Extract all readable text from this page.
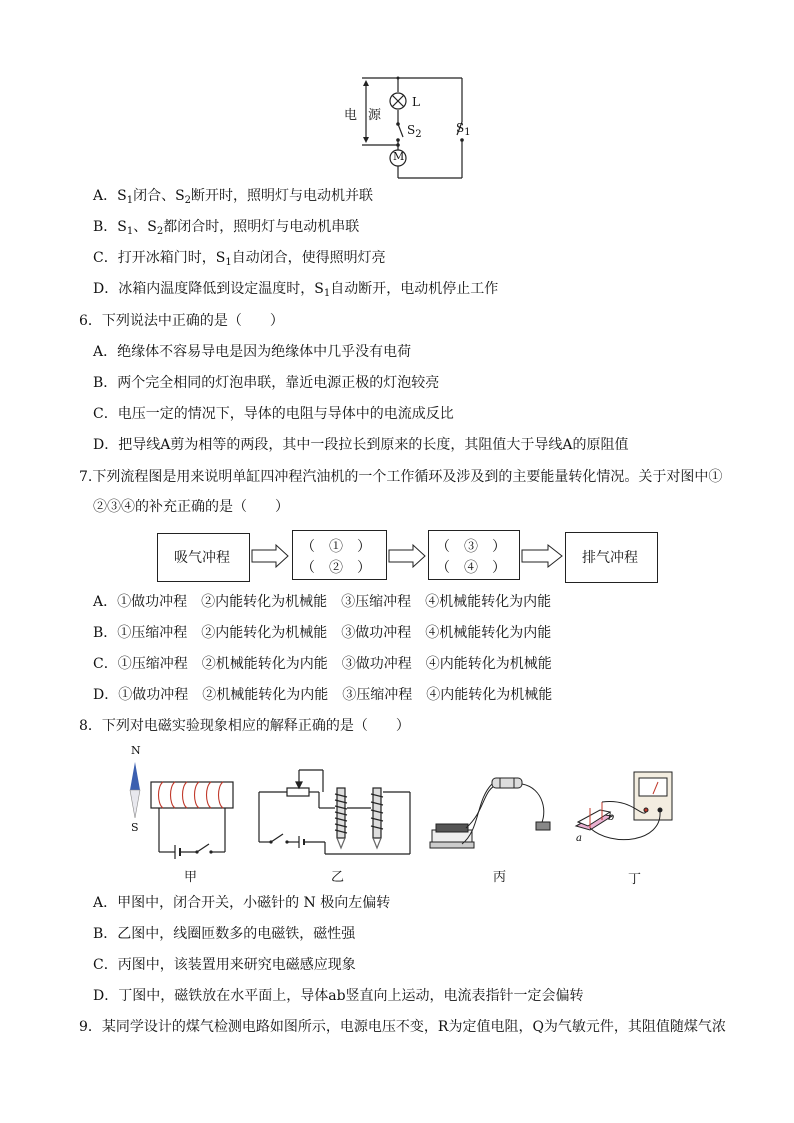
电 源
L
$S_2$	$S_1$
M
A．$S_1$闭合、$S_2$断开时，照明灯与电动机并联
B．$S_1$、$S_2$都闭合时，照明灯与电动机串联
C．打开冰箱门时，$S_1$自动闭合，使得照明灯亮
D．冰箱内温度降低到设定温度时，$S_1$自动断开，电动机停止工作
6．下列说法中正确的是（　　）
A．绝缘体不容易导电是因为绝缘体中几乎没有电荷
B．两个完全相同的灯泡串联，靠近电源正极的灯泡较亮
C．电压一定的情况下，导体的电阻与导体中的电流成反比
D．把导线A剪为相等的两段，其中一段拉长到原来的长度，其阻值大于导线A的原阻值
7.下列流程图是用来说明单缸四冲程汽油机的一个工作循环及涉及到的主要能量转化情况。关于对图中①
②③④的补充正确的是（　　）
吸气冲程
（　①　）
（　②　）
（　③　）
（　④　）
排气冲程
A．①做功冲程　②内能转化为机械能　③压缩冲程　④机械能转化为内能
B．①压缩冲程　②内能转化为机械能　③做功冲程　④机械能转化为内能
C．①压缩冲程　②机械能转化为内能　③做功冲程　④内能转化为机械能
D．①做功冲程　②机械能转化为内能　③压缩冲程　④内能转化为机械能
8．下列对电磁实验现象相应的解释正确的是（　　）
N
S
甲	乙	丙
a
b
丁
A．甲图中，闭合开关，小磁针的 N 极向左偏转
B．乙图中，线圈匝数多的电磁铁，磁性强
C．丙图中，该装置用来研究电磁感应现象
D．丁图中，磁铁放在水平面上，导体ab竖直向上运动，电流表指针一定会偏转
9．某同学设计的煤气检测电路如图所示，电源电压不变，R为定值电阻，Q为气敏元件，其阻值随煤气浓
